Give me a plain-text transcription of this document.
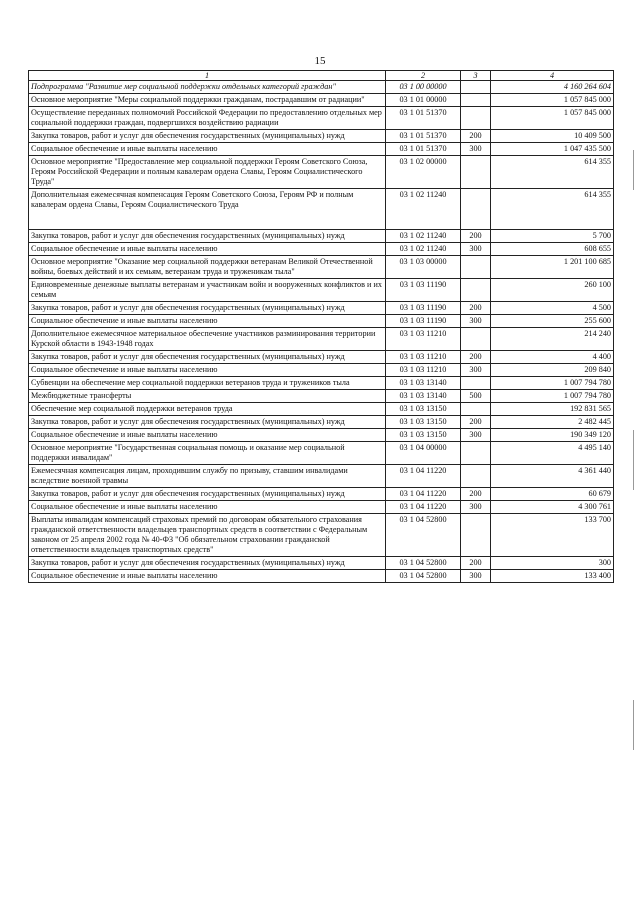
15
1	2	3	4
Подпрограмма "Развитие мер социальной поддержки отдельных категорий граждан"	03 1 00 00000		4 160 264 604
Основное мероприятие "Меры социальной поддержки гражданам, пострадавшим от радиации"	03 1 01 00000		1 057 845 000
Осуществление переданных полномочий Российской Федерации по предоставлению отдельных мер социальной поддержки граждан, подвергшихся воздействию радиации	03 1 01 51370		1 057 845 000
Закупка товаров, работ и услуг для обеспечения государственных (муниципальных) нужд	03 1 01 51370	200	10 409 500
Социальное обеспечение и иные выплаты населению	03 1 01 51370	300	1 047 435 500
Основное мероприятие "Предоставление мер социальной поддержки Героям Советского Союза, Героям Российской Федерации и полным кавалерам ордена Славы, Героям Социалистического Труда"	03 1 02 00000		614 355
Дополнительная ежемесячная компенсация Героям Советского Союза, Героям РФ и полным кавалерам ордена Славы, Героям Социалистического Труда	03 1 02 11240		614 355
Закупка товаров, работ и услуг для обеспечения государственных (муниципальных) нужд	03 1 02 11240	200	5 700
Социальное обеспечение и иные выплаты населению	03 1 02 11240	300	608 655
Основное мероприятие "Оказание мер социальной поддержки ветеранам Великой Отечественной войны, боевых действий и их семьям, ветеранам труда и труженикам тыла"	03 1 03 00000		1 201 100 685
Единовременные денежные выплаты ветеранам и участникам войн и вооруженных конфликтов и их семьям	03 1 03 11190		260 100
Закупка товаров, работ и услуг для обеспечения государственных (муниципальных) нужд	03 1 03 11190	200	4 500
Социальное обеспечение и иные выплаты населению	03 1 03 11190	300	255 600
Дополнительное ежемесячное материальное обеспечение участников разминирования территории Курской области в 1943-1948 годах	03 1 03 11210		214 240
Закупка товаров, работ и услуг для обеспечения государственных (муниципальных) нужд	03 1 03 11210	200	4 400
Социальное обеспечение и иные выплаты населению	03 1 03 11210	300	209 840
Субвенции на обеспечение мер социальной поддержки ветеранов труда и тружеников тыла	03 1 03 13140		1 007 794 780
Межбюджетные трансферты	03 1 03 13140	500	1 007 794 780
Обеспечение мер социальной поддержки ветеранов труда	03 1 03 13150		192 831 565
Закупка товаров, работ и услуг для обеспечения государственных (муниципальных) нужд	03 1 03 13150	200	2 482 445
Социальное обеспечение и иные выплаты населению	03 1 03 13150	300	190 349 120
Основное мероприятие "Государственная социальная помощь и оказание мер социальной поддержки инвалидам"	03 1 04 00000		4 495 140
Ежемесячная компенсация лицам, проходившим службу по призыву, ставшим инвалидами вследствие военной травмы	03 1 04 11220		4 361 440
Закупка товаров, работ и услуг для обеспечения государственных (муниципальных) нужд	03 1 04 11220	200	60 679
Социальное обеспечение и иные выплаты населению	03 1 04 11220	300	4 300 761
Выплаты инвалидам компенсаций страховых премий по договорам обязательного страхования гражданской ответственности владельцев транспортных средств в соответствии с Федеральным законом от 25 апреля 2002 года № 40-ФЗ "Об обязательном страховании гражданской ответственности владельцев транспортных средств"	03 1 04 52800		133 700
Закупка товаров, работ и услуг для обеспечения государственных (муниципальных) нужд	03 1 04 52800	200	300
Социальное обеспечение и иные выплаты населению	03 1 04 52800	300	133 400
